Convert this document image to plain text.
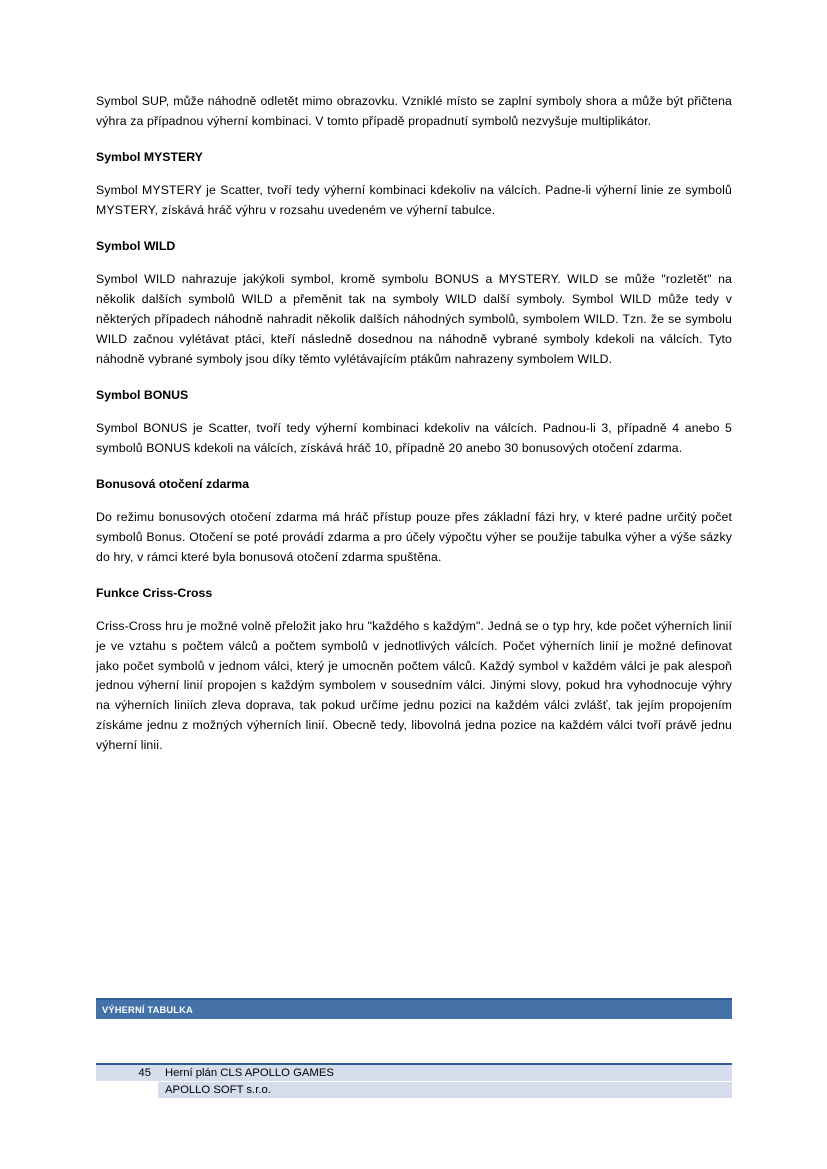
Symbol SUP, může náhodně odletět mimo obrazovku. Vzniklé místo se zaplní symboly shora a může být přičtena výhra za případnou výherní kombinaci. V tomto případě propadnutí symbolů nezvyšuje multiplikátor.

Symbol MYSTERY

Symbol MYSTERY je Scatter, tvoří tedy výherní kombinaci kdekoliv na válcích. Padne-li výherní linie ze symbolů MYSTERY, získává hráč výhru v rozsahu uvedeném ve výherní tabulce.

Symbol WILD

Symbol WILD nahrazuje jakýkoli symbol, kromě symbolu BONUS a MYSTERY. WILD se může "rozletět" na několik dalších symbolů WILD a přeměnit tak na symboly WILD další symboly. Symbol WILD může tedy v některých případech náhodně nahradit několik dalších náhodných symbolů, symbolem WILD. Tzn. že se symbolu WILD začnou vylétávat ptáci, kteří následně dosednou na náhodně vybrané symboly kdekoli na válcích. Tyto náhodně vybrané symboly jsou díky těmto vylétávajícím ptákům nahrazeny symbolem WILD.

Symbol BONUS

Symbol BONUS je Scatter, tvoří tedy výherní kombinaci kdekoliv na válcích. Padnou-li 3, případně 4 anebo 5 symbolů BONUS kdekoli na válcích, získává hráč 10, případně 20 anebo 30 bonusových otočení zdarma.

Bonusová otočení zdarma

Do režimu bonusových otočení zdarma má hráč přístup pouze přes základní fázi hry, v které padne určitý počet symbolů Bonus. Otočení se poté provádí zdarma a pro účely výpočtu výher se použije tabulka výher a výše sázky do hry, v rámci které byla bonusová otočení zdarma spuštěna.

Funkce Criss-Cross

Criss-Cross hru je možné volně přeložit jako hru "každého s každým". Jedná se o typ hry, kde počet výherních linií je ve vztahu s počtem válců a počtem symbolů v jednotlivých válcích. Počet výherních linií je možné definovat jako počet symbolů v jednom válci, který je umocněn počtem válců. Každý symbol v každém válci je pak alespoň jednou výherní linií propojen s každým symbolem v sousedním válci. Jinými slovy, pokud hra vyhodnocuje výhry na výherních liniích zleva doprava, tak pokud určíme jednu pozici na každém válci zvlášť, tak jejím propojením získáme jednu z možných výherních linií. Obecně tedy, libovolná jedna pozice na každém válci tvoří právě jednu výherní linii.

VÝHERNÍ TABULKA
45	Herní plán CLS APOLLO GAMES
APOLLO SOFT s.r.o.
